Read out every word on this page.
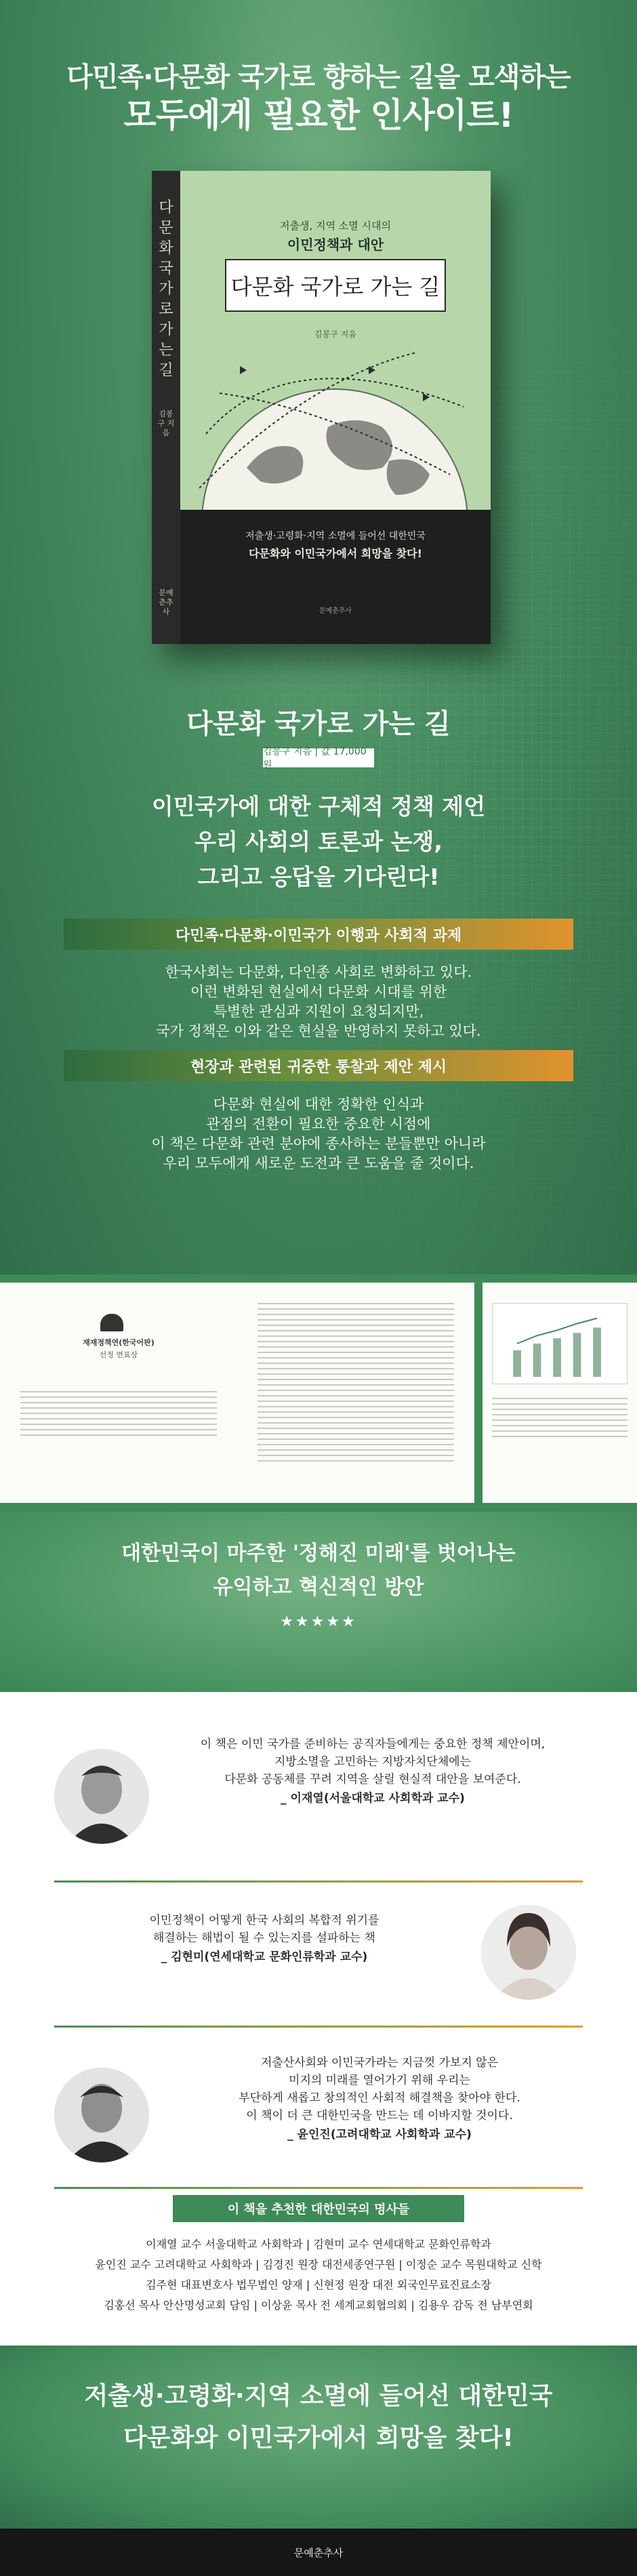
다민족·다문화 국가로 향하는 길을 모색하는
모두에게 필요한 인사이트!
다문화 국가로 가는 길
김봉구 지음
문예춘추사
저출생, 지역 소멸 시대의
이민정책과 대안
다문화 국가로 가는 길
김봉구 지음
저출생·고령화·지역 소멸에 들어선 대한민국
다문화와 이민국가에서 희망을 찾다!
문예춘추사
다문화 국가로 가는 길
김봉구 지음 | 값 17,000원
이민국가에 대한 구체적 정책 제언
우리 사회의 토론과 논쟁,
그리고 응답을 기다린다!
다민족·다문화·이민국가 이행과 사회적 과제
한국사회는 다문화, 다인종 사회로 변화하고 있다.
이런 변화된 현실에서 다문화 시대를 위한
특별한 관심과 지원이 요청되지만,
국가 정책은 이와 같은 현실을 반영하지 못하고 있다.
현장과 관련된 귀중한 통찰과 제안 제시
다문화 현실에 대한 정확한 인식과
관점의 전환이 필요한 중요한 시점에
이 책은 다문화 관련 분야에 종사하는 분들뿐만 아니라
우리 모두에게 새로운 도전과 큰 도움을 줄 것이다.
재재정책연(한국어판)
선정 연표상
대한민국이 마주한 '정해진 미래'를 벗어나는
유익하고 혁신적인 방안
★★★★★
이 책은 이민 국가를 준비하는 공직자들에게는 중요한 정책 제안이며,
지방소멸을 고민하는 지방자치단체에는
다문화 공동체를 꾸려 지역을 살릴 현실적 대안을 보여준다.
_ 이재열(서울대학교 사회학과 교수)
이민정책이 어떻게 한국 사회의 복합적 위기를
해결하는 해법이 될 수 있는지를 설파하는 책
_ 김현미(연세대학교 문화인류학과 교수)
저출산사회와 이민국가라는 지금껏 가보지 않은
미지의 미래를 열어가기 위해 우리는
부단하게 새롭고 창의적인 사회적 해결책을 찾아야 한다.
이 책이 더 큰 대한민국을 만드는 데 이바지할 것이다.
_ 윤인진(고려대학교 사회학과 교수)
이 책을 추천한 대한민국의 명사들
이재열 교수 서울대학교 사회학과 | 김현미 교수 연세대학교 문화인류학과
윤인진 교수 고려대학교 사회학과 | 김경진 원장 대전세종연구원 | 이정순 교수 목원대학교 신학
김주현 대표변호사 법무법인 양재 | 신현정 원장 대전 외국인무료진료소장
김홍선 목사 안산명성교회 담임 | 이상윤 목사 전 세계교회협의회 | 김용우 감독 전 남부연회
저출생·고령화·지역 소멸에 들어선 대한민국
다문화와 이민국가에서 희망을 찾다!
문예춘추사
